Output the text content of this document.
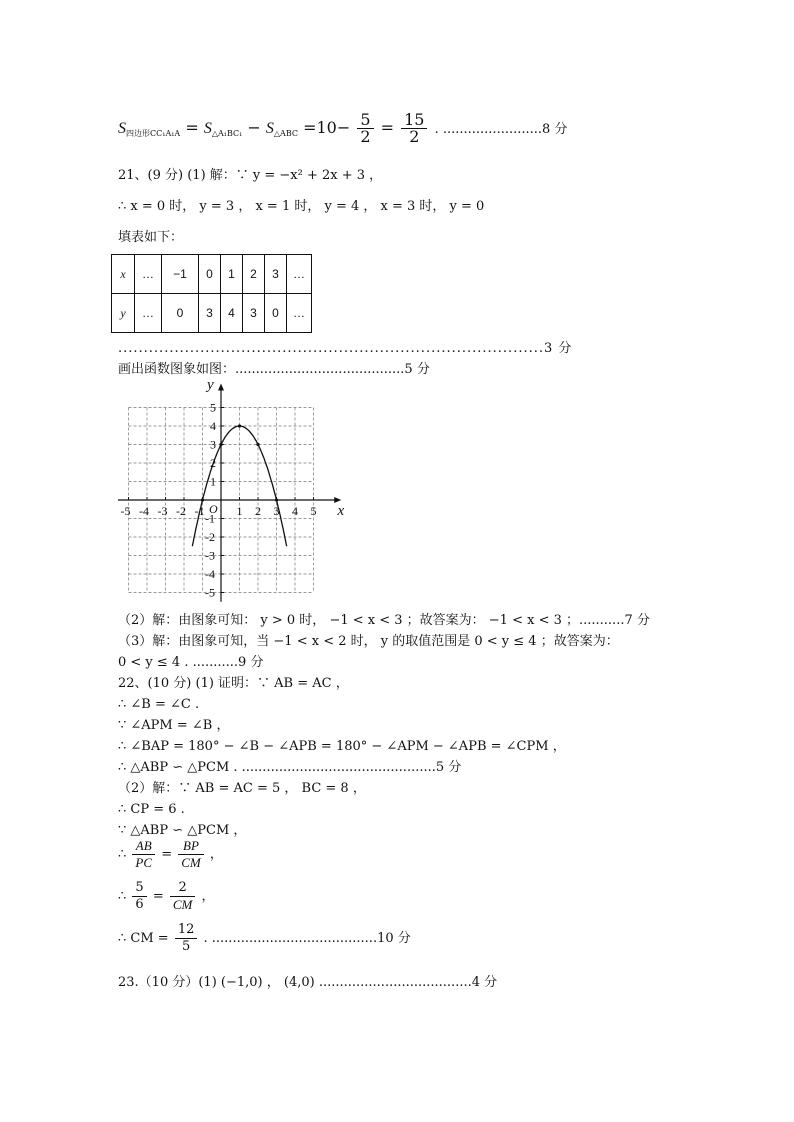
$S_{四边形CC_1A_1A} = S_{\triangle A_1BC_1} - S_{\triangle ABC} =10- \frac{5}{2} = \frac{15}{2}$ . ........................8 分
21、(9 分) (1) 解：∵ y = −x² + 2x + 3 ，
∴ x = 0 时， y = 3 ， x = 1 时， y = 4 ， x = 3 时， y = 0
填表如下：
x	…	−1	0	1	2	3	…
y	…	0	3	4	3	0	…
...................................................................................3 分
画出函数图象如图：.........................................5 分
-5 -4 -3 -2 -1	1 2 3 4 5
5
4
3
2
1
-1
-2
-3
-4
-5
O	x
y
（2）解：由图象可知： y > 0 时， −1 < x < 3 ；故答案为： −1 < x < 3 ；...........7 分
（3）解：由图象可知，当 −1 < x < 2 时， y 的取值范围是 0 < y ≤ 4 ；故答案为：
0 < y ≤ 4 . ...........9 分
22、(10 分) (1) 证明：∵ AB = AC ，
∴ ∠B = ∠C .
∵ ∠APM = ∠B ，
∴ ∠BAP = 180° − ∠B − ∠APB = 180° − ∠APM − ∠APB = ∠CPM ，
∴ △ABP ∽ △PCM . ...............................................5 分
（2）解：∵ AB = AC = 5 ， BC = 8 ，
∴ CP = 6 .
∵ △ABP ∽ △PCM ，
∴ $\frac{AB}{PC} = \frac{BP}{CM}$ ，
∴ $\frac{5}{6} = \frac{2}{CM}$ ，
∴ CM = $\frac{12}{5}$ . ........................................10 分
23.（10 分）(1) (−1,0) ， (4,0) .....................................4 分
